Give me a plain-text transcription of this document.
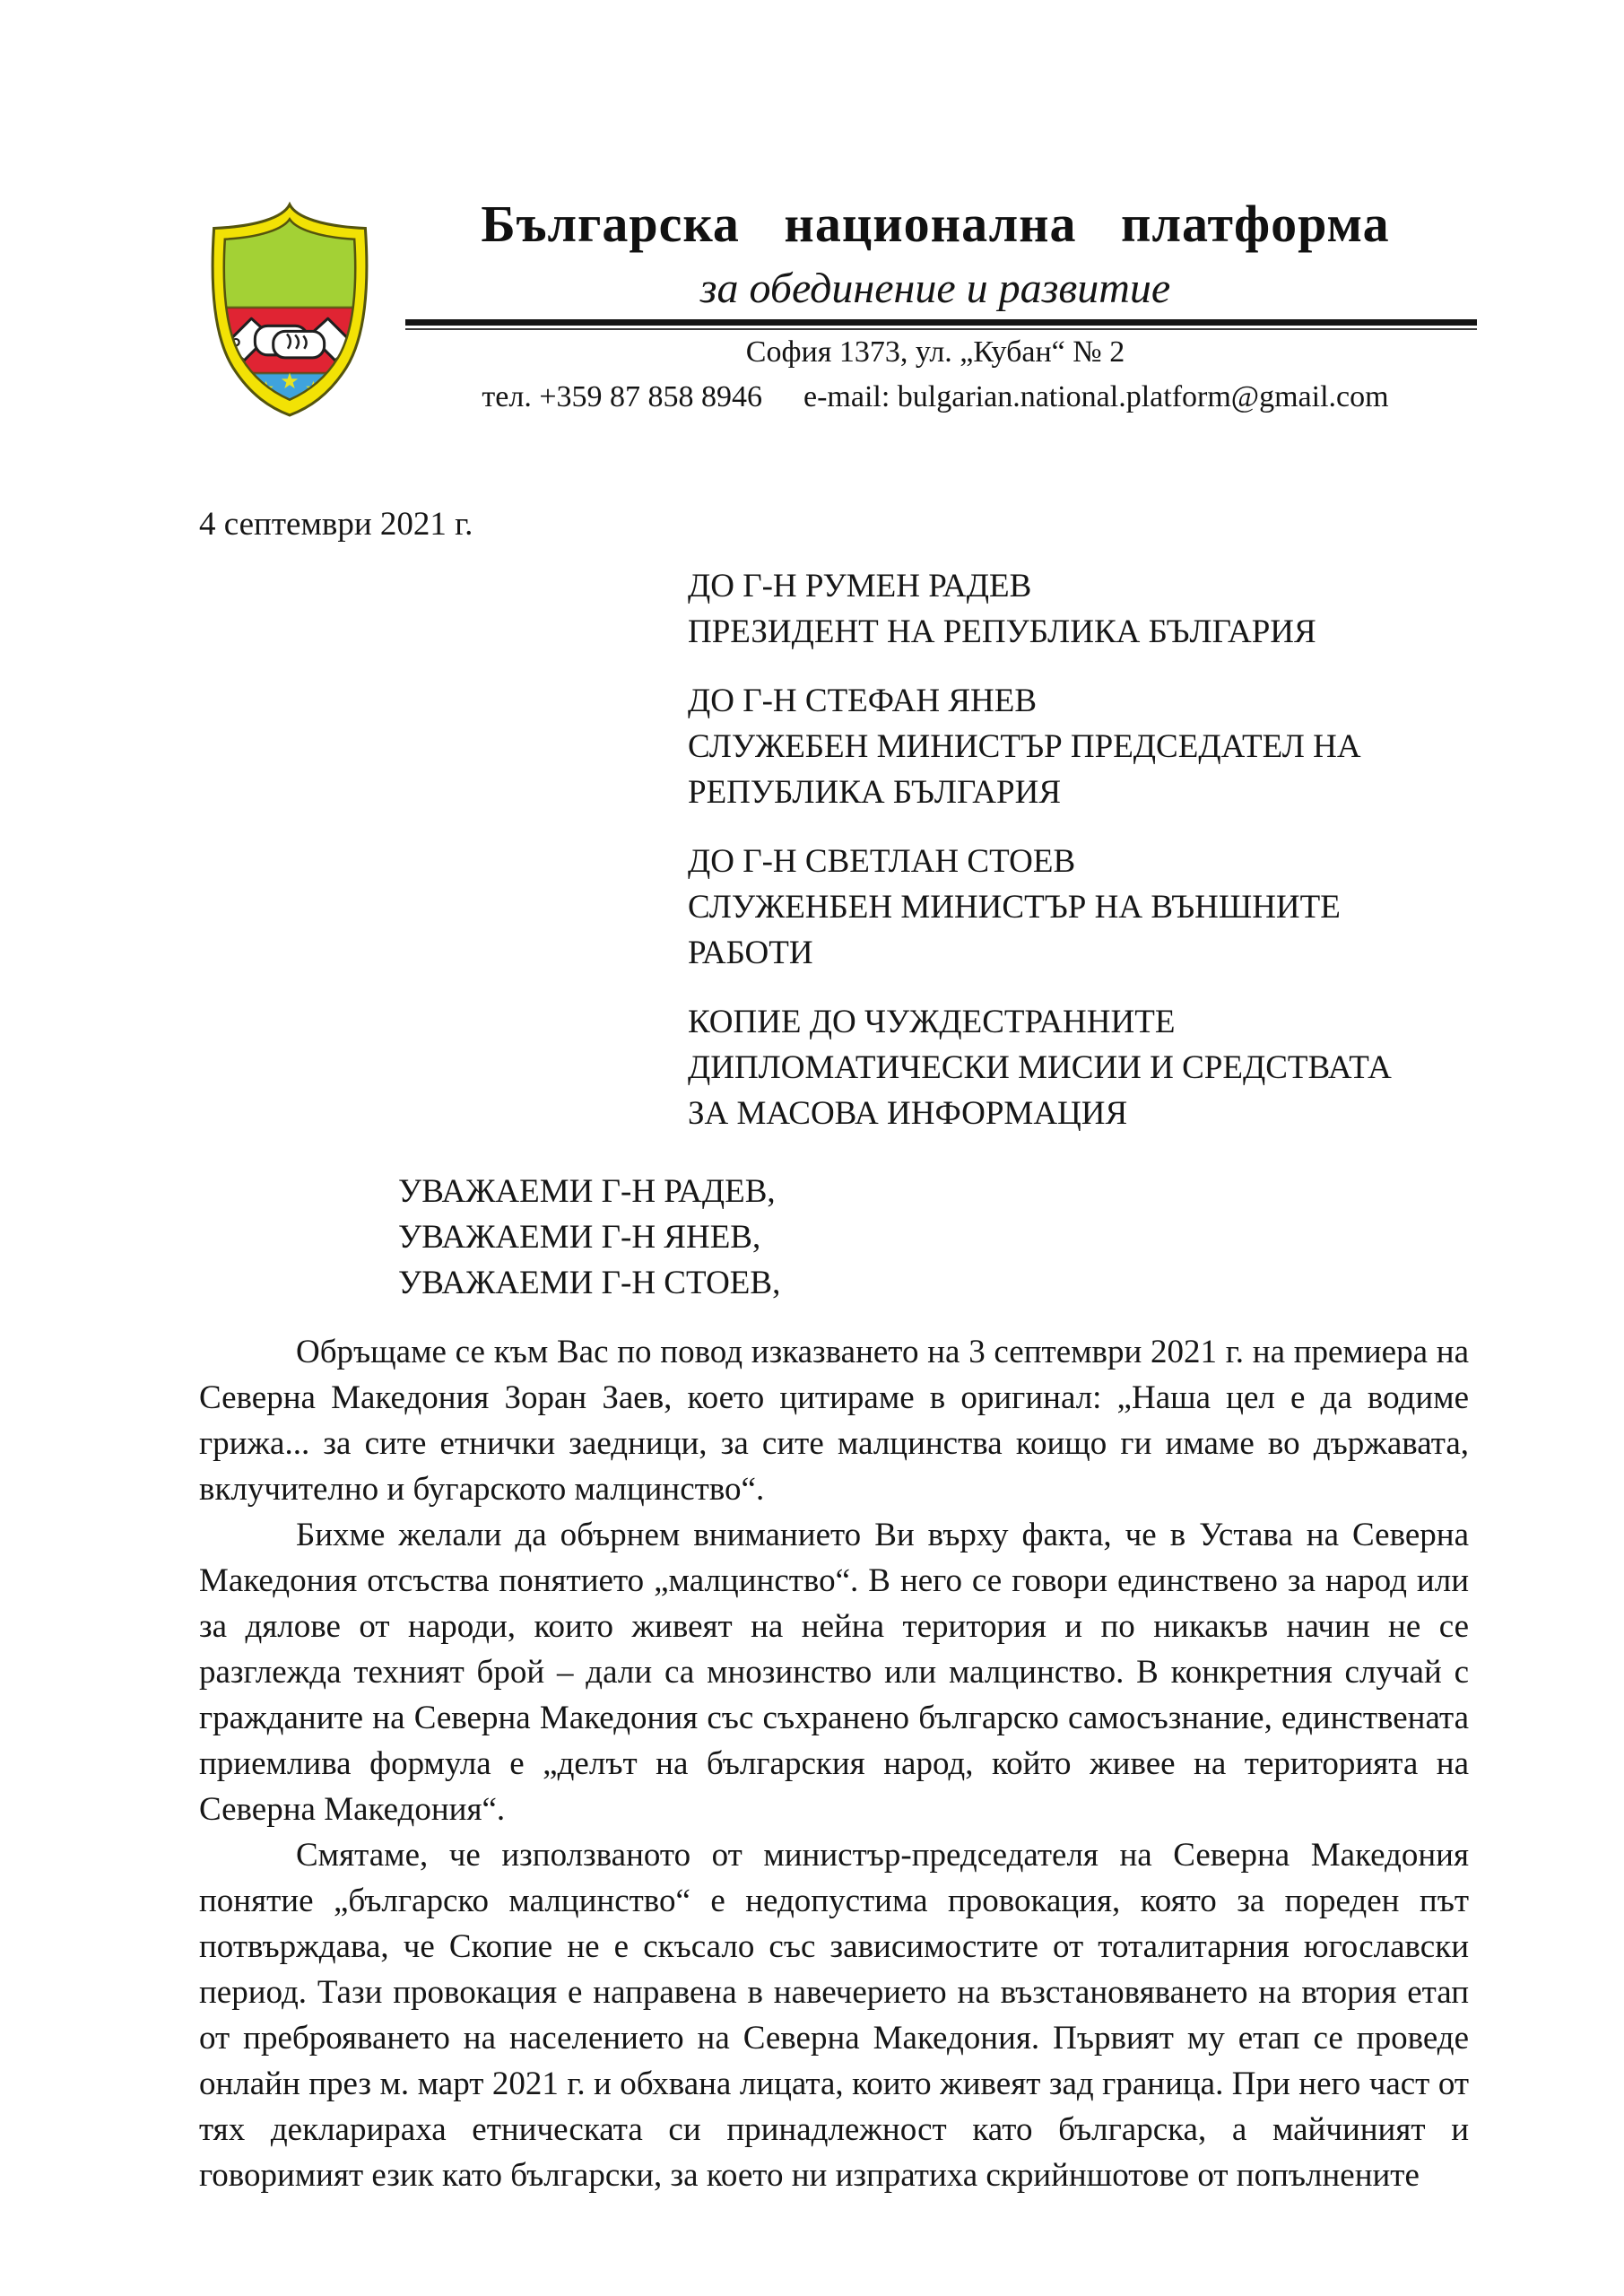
Българска национална платформа
за обединение и развитие
София 1373, ул. „Кубан“ № 2
тел. +359 87 858 8946 e-mail: bulgarian.national.platform@gmail.com
4 септември 2021 г.
ДО Г-Н РУМЕН РАДЕВ
ПРЕЗИДЕНТ НА РЕПУБЛИКА БЪЛГАРИЯ
ДО Г-Н СТЕФАН ЯНЕВ
СЛУЖЕБЕН МИНИСТЪР ПРЕДСЕДАТЕЛ НА
РЕПУБЛИКА БЪЛГАРИЯ
ДО Г-Н СВЕТЛАН СТОЕВ
СЛУЖЕНБЕН МИНИСТЪР НА ВЪНШНИТЕ
РАБОТИ
КОПИЕ ДО ЧУЖДЕСТРАННИТЕ
ДИПЛОМАТИЧЕСКИ МИСИИ И СРЕДСТВАТА
ЗА МАСОВА ИНФОРМАЦИЯ
УВАЖАЕМИ Г-Н РАДЕВ,
УВАЖАЕМИ Г-Н ЯНЕВ,
УВАЖАЕМИ Г-Н СТОЕВ,

Обръщаме се към Вас по повод изказването на 3 септември 2021 г. на премиера на Северна Македония Зоран Заев, което цитираме в оригинал: „Наша цел е да водиме грижа... за сите етнички заедници, за сите малцинства коищо ги имаме во държавата, вклучително и бугарското малцинство“.

Бихме желали да обърнем вниманието Ви върху факта, че в Устава на Северна Македония отсъства понятието „малцинство“. В него се говори единствено за народ или за дялове от народи, които живеят на нейна територия и по никакъв начин не се разглежда техният брой – дали са мнозинство или малцинство. В конкретния случай с гражданите на Северна Македония със съхранено българско самосъзнание, единствената приемлива формула е „делът на българския народ, който живее на територията на Северна Македония“.

Смятаме, че използваното от министър-председателя на Северна Македония понятие „българско малцинство“ е недопустима провокация, която за пореден път потвърждава, че Скопие не е скъсало със зависимостите от тоталитарния югославски период. Тази провокация е направена в навечерието на възстановяването на втория етап от преброяването на населението на Северна Македония. Първият му етап се проведе онлайн през м. март 2021 г. и обхвана лицата, които живеят зад граница. При него част от тях декларираха етническата си принадлежност като българска, а майчиният и говоримият език като български, за което ни изпратиха скрийншотове от попълнените
